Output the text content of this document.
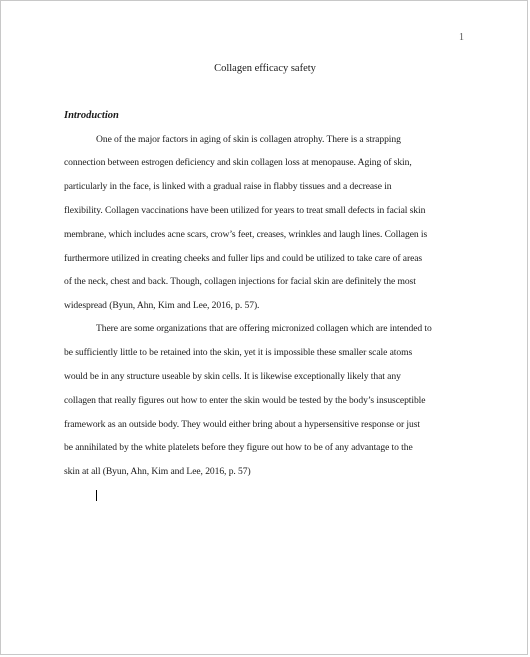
1
Collagen efficacy safety
Introduction
One of the major factors in aging of skin is collagen atrophy. There is a strapping
connection between estrogen deficiency and skin collagen loss at menopause. Aging of skin,
particularly in the face, is linked with a gradual raise in flabby tissues and a decrease in
flexibility. Collagen vaccinations have been utilized for years to treat small defects in facial skin
membrane, which includes acne scars, crow’s feet, creases, wrinkles and laugh lines. Collagen is
furthermore utilized in creating cheeks and fuller lips and could be utilized to take care of areas
of the neck, chest and back. Though, collagen injections for facial skin are definitely the most
widespread (Byun, Ahn, Kim and Lee, 2016, p. 57).
There are some organizations that are offering micronized collagen which are intended to
be sufficiently little to be retained into the skin, yet it is impossible these smaller scale atoms
would be in any structure useable by skin cells. It is likewise exceptionally likely that any
collagen that really figures out how to enter the skin would be tested by the body’s insusceptible
framework as an outside body. They would either bring about a hypersensitive response or just
be annihilated by the white platelets before they figure out how to be of any advantage to the
skin at all (Byun, Ahn, Kim and Lee, 2016, p. 57)
